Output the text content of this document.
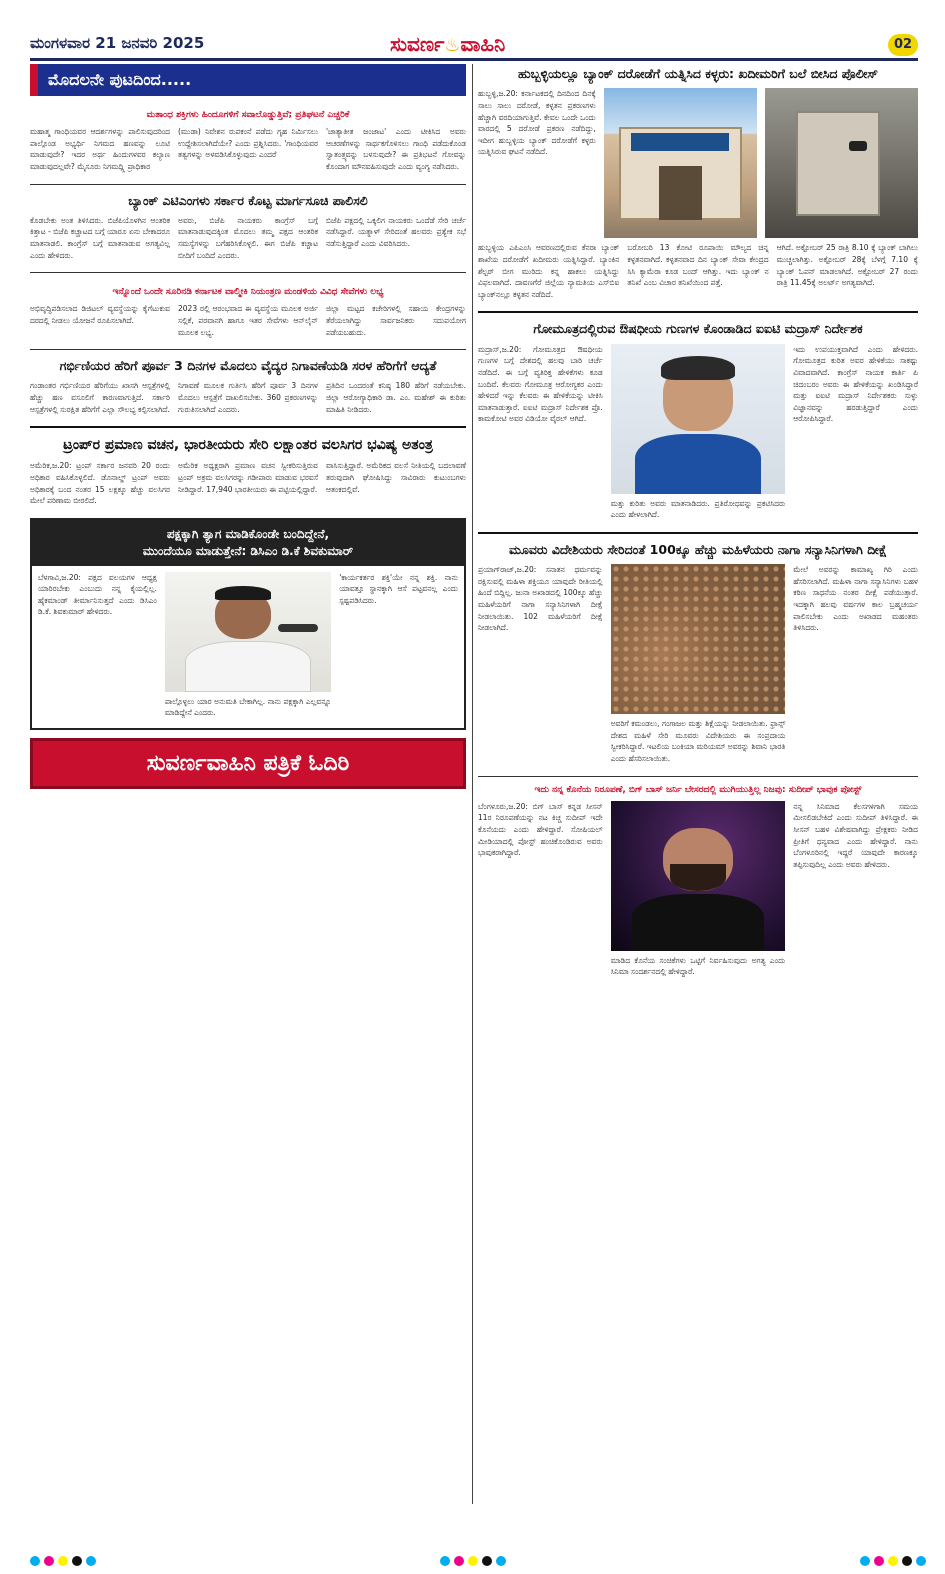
ಮಂಗಳವಾರ 21 ಜನವರಿ 2025	ಸುವರ್ಣ♨ವಾಹಿನಿ	02
ಮೊದಲನೇ ಪುಟದಿಂದ.....
ಮತಾಂಧ ಶಕ್ತಿಗಳು ಹಿಂದೂಗಳಿಗೆ ಸವಾಲೊಡ್ಡುತ್ತಿವೆ; ಪ್ರತಿಘಟನೆ ಎಚ್ಚರಿಕೆ

ಮಹಾತ್ಮ ಗಾಂಧಿಯವರ ಆದರ್ಶಗಳನ್ನು ಪಾಲಿಸುವುದರಿಂದ ಪಾಲ್ಗೊಂಡ ಅಭ್ಯರ್ಥಿ ನಿಗಮದ ಹಣವನ್ನು ಲೂಟಿ ಮಾಡುವುದೇ? ಇದರ ಅರ್ಥ ಹಿಂದುಗಳವರ ಕಲ್ಯಾಣ ಮಾಡುವುದಲ್ಲವೇ? ಮೈಸೂರು ನಿಗಮದ್ಲ್ಲಿ ಪ್ರಾಧಿಕಾರ

(ಮುಡಾ) ನಿವೇಶನ ರುಪಕಂನೆ ಪಡೆದು ಗೃಹ ನಿರ್ಮಿಸಲು ಉದ್ದೇಶಿಸಲಾಗಿದೆಯೇ? ಎಂದು ಪ್ರಶ್ನಿಸಿದರು. 'ಗಾಂಧಿಯವರ ತತ್ವಗಳನ್ನು ಅಳವಡಿಸಿಕೊಳ್ಳುವುದು ಎಂದರೆ

'ಜಾತ್ಯಾತೀತ ಜಂಜಾಟ' ಎಂದು ಟೀಕಿಸಿದ ಅವರು ಆಚರಣೆಗಳನ್ನು ಸಾರ್ಥಕಗೊಳಿಸಲು ಗಾಂಧಿ ಪಡೆದುಕೊಂಡ ಸ್ವಾತಂತ್ರ್ಯವನ್ನು ಬಳಸುವುದೇ? ಈ ಪ್ರತಿಭಟನೆ ಗೋವನ್ನು ಕೊಂದಾಗ ಮೌನವಹಿಸುವುದೇ ಎಂದು ವ್ಯಂಗ್ಯ ನಡೆಸಿದರು.

ಬ್ಯಾಂಕ್ ಎಟಿಎಂಗಳು ಸರ್ಕಾರ ಕೊಟ್ಟ ಮಾರ್ಗಸೂಚಿ ಪಾಲಿಸಲಿ

ಕೊಡಬೇಕು ಅಂತ ತಿಳಿಸಿದರು. ಬಿಜೆಪಿಯೊಳಗಿನ ಆಂತರಿಕ ಕಿತ್ತಾಟ - ಬಿಜೆಪಿ ಕಚ್ಚಾಟದ ಬಗ್ಗೆ ಯಾರೂ ಏನು ಬೇಕಾದರೂ ಮಾತನಾಡಲಿ. ಕಾಂಗ್ರೆಸ್ ಬಗ್ಗೆ ಮಾತನಾಡುವ ಅಗತ್ಯವಿಲ್ಲ ಎಂದು ಹೇಳಿದರು.

ಅವರು, ಬಿಜೆಪಿ ನಾಯಕರು ಕಾಂಗ್ರೆಸ್ ಬಗ್ಗೆ ಮಾತನಾಡುವುದಕ್ಕಿಂತ ಮೊದಲು ತಮ್ಮ ಪಕ್ಷದ ಆಂತರಿಕ ಸಮಸ್ಯೆಗಳನ್ನು ಬಗೆಹರಿಸಿಕೊಳ್ಳಲಿ. ಈಗ ಬಿಜೆಪಿ ಕಚ್ಚಾಟ ಬೀದಿಗೆ ಬಂದಿದೆ ಎಂದರು.

ಬಿಜೆಪಿ ಪಕ್ಷದಲ್ಲಿ ಒಕ್ಕಲಿಗ ನಾಯಕರು ಒಂದೆಡೆ ಸೇರಿ ಚರ್ಚೆ ನಡೆಸಿದ್ದಾರೆ. ಯತ್ನಾಳ್ ಸೇರಿದಂತೆ ಹಲವರು ಪ್ರತ್ಯೇಕ ಸಭೆ ನಡೆಸುತ್ತಿದ್ದಾರೆ ಎಂದು ವಿವರಿಸಿದರು.

ಇನ್ನೊಂದೆ ಒಂದೇ ಸೂರಿನಡಿ ಕರ್ನಾಟಕ ವಾಲ್ಮೀಕಿ ನಿಯಂತ್ರಣ ಮಂಡಳಿಯ ವಿವಿಧ ಸೇವೆಗಳು ಲಭ್ಯ

ಅಭಿವೃದ್ಧಿಪಡಿಸಲಾದ ಡಿಜಿಟಲ್ ವ್ಯವಸ್ಥೆಯನ್ನು ಕೈಗೆಟುಕುವ ದರದಲ್ಲಿ ನೀಡಲು ಯೋಜನೆ ರೂಪಿಸಲಾಗಿದೆ.

2023 ರಲ್ಲಿ ಆರಂಭವಾದ ಈ ವ್ಯವಸ್ಥೆಯ ಮೂಲಕ ಅರ್ಜಿ ಸಲ್ಲಿಕೆ, ಪರವಾನಗಿ ಹಾಗೂ ಇತರ ಸೇವೆಗಳು ಆನ್‌ಲೈನ್ ಮೂಲಕ ಲಭ್ಯ.

ಜಿಲ್ಲಾ ಮಟ್ಟದ ಕಚೇರಿಗಳಲ್ಲಿ ಸಹಾಯ ಕೇಂದ್ರಗಳನ್ನು ತೆರೆಯಲಾಗಿದ್ದು ಸಾರ್ವಜನಿಕರು ಸದುಪಯೋಗ ಪಡೆಯಬಹುದು.

ಗರ್ಭಿಣಿಯರ ಹೆರಿಗೆ ಪೂರ್ವ 3 ದಿನಗಳ ಮೊದಲು ವೈದ್ಯರ ನಿಗಾವಣೆಯಡಿ ಸರಳ ಹೆರಿಗೆಗೆ ಆದ್ಯತೆ

ಗಂಡಾಂತರ ಗರ್ಭಿಣಿಯರ ಹೆರಿಗೆಯು ಖಾಸಗಿ ಆಸ್ಪತ್ರೆಗಳಲ್ಲಿ ಹೆಚ್ಚು ಹಣ ವಸೂಲಿಗೆ ಕಾರಣವಾಗುತ್ತಿದೆ. ಸರ್ಕಾರಿ ಆಸ್ಪತ್ರೆಗಳಲ್ಲಿ ಸುರಕ್ಷಿತ ಹೆರಿಗೆಗೆ ಎಲ್ಲಾ ಸೌಲಭ್ಯ ಕಲ್ಪಿಸಲಾಗಿದೆ.

ನಿಗಾವಣೆ ಮೂಲಕ ಗುರ್ತಿಸಿ ಹೆರಿಗೆ ಪೂರ್ವ 3 ದಿನಗಳ ಮೊದಲು ಆಸ್ಪತ್ರೆಗೆ ದಾಖಲಿಸಬೇಕು. 360 ಪ್ರಕರಣಗಳನ್ನು ಗುರುತಿಸಲಾಗಿದೆ ಎಂದರು.

ಪ್ರತಿದಿನ ಒಂದರಂತೆ ಕನಿಷ್ಠ 180 ಹೆರಿಗೆ ನಡೆಯಬೇಕು. ಜಿಲ್ಲಾ ಆರೋಗ್ಯಾಧಿಕಾರಿ ಡಾ. ಎಂ. ಮಹೇಶ್ ಈ ಕುರಿತು ಮಾಹಿತಿ ನೀಡಿದರು.

ಟ್ರಂಪ್‌ರ ಪ್ರಮಾಣ ವಚನ, ಭಾರತೀಯರು ಸೇರಿ ಲಕ್ಷಾಂತರ ವಲಸಿಗರ ಭವಿಷ್ಯ ಅತಂತ್ರ

ಅಮೆರಿಕ,ಜ.20: ಟ್ರಂಪ್ ಸರ್ಕಾರ ಜನವರಿ 20 ರಂದು ಅಧಿಕಾರ ವಹಿಸಿಕೊಳ್ಳಲಿದೆ. ಡೊನಾಲ್ಡ್ ಟ್ರಂಪ್ ಅವರು ಅಧಿಕಾರಕ್ಕೆ ಬಂದ ನಂತರ 15 ಲಕ್ಷಕ್ಕೂ ಹೆಚ್ಚು ವಲಸಿಗರ ಮೇಲೆ ಪರಿಣಾಮ ಬೀರಲಿದೆ.

ಅಮೆರಿಕ ಅಧ್ಯಕ್ಷರಾಗಿ ಪ್ರಮಾಣ ವಚನ ಸ್ವೀಕರಿಸುತ್ತಿರುವ ಟ್ರಂಪ್ ಅಕ್ರಮ ವಲಸಿಗರನ್ನು ಗಡೀಪಾರು ಮಾಡುವ ಭರವಸೆ ನೀಡಿದ್ದಾರೆ. 17,940 ಭಾರತೀಯರು ಈ ಪಟ್ಟಿಯಲ್ಲಿದ್ದಾರೆ.

ವಾಸಿಸುತ್ತಿದ್ದಾರೆ. ಅಮೆರಿಕದ ವಲಸೆ ನೀತಿಯಲ್ಲಿ ಬದಲಾವಣೆ ತರುವುದಾಗಿ ಘೋಷಿಸಿದ್ದು ಸಾವಿರಾರು ಕುಟುಂಬಗಳು ಆತಂಕದಲ್ಲಿವೆ.

ಪಕ್ಷಕ್ಕಾಗಿ ತ್ಯಾಗ ಮಾಡಿಕೊಂಡೇ ಬಂದಿದ್ದೇನೆ,
ಮುಂದೆಯೂ ಮಾಡುತ್ತೇನೆ: ಡಿಸಿಎಂ ಡಿ.ಕೆ ಶಿವಕುಮಾರ್

ಬೆಳಗಾವಿ,ಜ.20: ಪಕ್ಷದ ವಲಯಗಳ ಆಧ್ಯಕ್ಷ ಯಾರಿರಬೇಕು ಎಂಬುದು ನನ್ನ ಕೈಯಲ್ಲಿಲ್ಲ. ಹೈಕಮಾಂಡ್ ತೀರ್ಮಾನಿಸುತ್ತದೆ ಎಂದು ಡಿಸಿಎಂ ಡಿ.ಕೆ. ಶಿವಕುಮಾರ್ ಹೇಳಿದರು.

ಪಾಲ್ಗೊಳ್ಳಲು ಯಾರ ಅನುಮತಿ ಬೇಕಾಗಿಲ್ಲ. ನಾನು ಪಕ್ಷಕ್ಕಾಗಿ ಎಲ್ಲವನ್ನೂ ಮಾಡಿದ್ದೇನೆ ಎಂದರು.

'ಕಾರ್ಯಕರ್ತರ ಶಕ್ತಿ'ಯೇ ನನ್ನ ಶಕ್ತಿ. ನಾನು ಯಾವತ್ತೂ ಸ್ಥಾನಕ್ಕಾಗಿ ಆಸೆ ಪಟ್ಟವನಲ್ಲ ಎಂದು ಸ್ಪಷ್ಟಪಡಿಸಿದರು.

ಸುವರ್ಣವಾಹಿನಿ ಪತ್ರಿಕೆ ಓದಿರಿ
ಹುಬ್ಬಳ್ಳಿಯಲ್ಲೂ ಬ್ಯಾಂಕ್ ದರೋಡೆಗೆ ಯತ್ನಿಸಿದ ಕಳ್ಳರು: ಖದೀಮರಿಗೆ ಬಲೆ ಬೀಸಿದ ಪೊಲೀಸ್

ಹುಬ್ಬಳ್ಳಿ,ಜ.20: ಕರ್ನಾಟಕದಲ್ಲಿ ದಿನದಿಂದ ದಿನಕ್ಕೆ ಸಾಲು ಸಾಲು ದರೋಡೆ, ಕಳ್ಳತನ ಪ್ರಕರಣಗಳು ಹೆಚ್ಚಾಗಿ ವರದಿಯಾಗುತ್ತಿವೆ. ಕೇವಲ ಒಂದೇ ಒಂದು ವಾರದಲ್ಲಿ 5 ದರೋಡೆ ಪ್ರಕರಣ ನಡೆದಿದ್ದು, ಇದೀಗ ಹುಬ್ಬಳ್ಳಿಯ ಬ್ಯಾಂಕ್ ದರೋಡೆಗೆ ಕಳ್ಳರು ಯತ್ನಿಸಿರುವ ಘಟನೆ ನಡೆದಿದೆ.

ಹುಬ್ಬಳ್ಳಿಯ ಎಪಿಎಂಸಿ ಆವರಣದಲ್ಲಿರುವ ಕೆನರಾ ಬ್ಯಾಂಕ್ ಶಾಖೆಯ ದರೋಡೆಗೆ ಖದೀಮರು ಯತ್ನಿಸಿದ್ದಾರೆ. ಬ್ಯಾಂಕಿನ ಶೆಲ್ಟರ್ ಬೀಗ ಮುರಿದು ಕನ್ನ ಹಾಕಲು ಯತ್ನಿಸಿದ್ದು ವಿಫಲವಾಗಿದೆ. ದಾವಣಗೆರೆ ಜಿಲ್ಲೆಯ ನ್ಯಾಮತಿಯ ಎಸ್‌ಬಿಐ ಬ್ಯಾಂಕ್‌ನಲ್ಲೂ ಕಳ್ಳತನ ನಡೆದಿದೆ.

ಬರೋಬರಿ 13 ಕೋಟಿ ರೂಪಾಯಿ ಮೌಲ್ಯದ ಚಿನ್ನ ಕಳ್ಳತನವಾಗಿದೆ. ಕಳ್ಳತನವಾದ ದಿನ ಬ್ಯಾಂಕ್ ಸೇವಾ ಕೇಂದ್ರದ ಸಿಸಿ ಕ್ಯಾಮೆರಾ ಕೂಡ ಬಂದ್ ಆಗಿತ್ತು. ಇದು ಬ್ಯಾಂಕ್ ನ ತನಿಖೆ ಎಂಬ ವಿಚಾರ ತನಿಖೆಯಿಂದ ಪತ್ತೆ.

ಆಗಿದೆ. ಅಕ್ಟೋಬರ್ 25 ರಾತ್ರಿ 8.10 ಕ್ಕೆ ಬ್ಯಾಂಕ್ ಬಾಗಿಲು ಮುಚ್ಚಲಾಗಿತ್ತು. ಅಕ್ಟೋಬರ್ 28ಕ್ಕೆ ಬೆಳಗ್ಗೆ 7.10 ಕ್ಕೆ ಬ್ಯಾಂಕ್ ಓಪನ್ ಮಾಡಲಾಗಿದೆ. ಅಕ್ಟೋಬರ್ 27 ರಂದು ರಾತ್ರಿ 11.45ಕ್ಕೆ ಅಲರ್ಟ್ ಅಗತ್ಯವಾಗಿದೆ.

ಗೋಮೂತ್ರದಲ್ಲಿರುವ ಔಷಧೀಯ ಗುಣಗಳ ಕೊಂಡಾಡಿದ ಐಐಟಿ ಮದ್ರಾಸ್ ನಿರ್ದೇಶಕ

ಮದ್ರಾಸ್,ಜ.20: ಗೋಮೂತ್ರದ ಔಷಧೀಯ ಗುಣಗಳ ಬಗ್ಗೆ ದೇಶದಲ್ಲಿ ಹಲವು ಬಾರಿ ಚರ್ಚೆ ನಡೆದಿದೆ. ಈ ಬಗ್ಗೆ ವ್ಯತಿರಿಕ್ತ ಹೇಳಿಕೆಗಳು ಕೂಡ ಬಂದಿವೆ. ಕೆಲವರು ಗೋಮೂತ್ರ ಆರೋಗ್ಯಕರ ಎಂದು ಹೇಳಿದರೆ ಇನ್ನು ಕೆಲವರು ಈ ಹೇಳಿಕೆಯನ್ನು ಟೀಕಿಸಿ ಮಾತನಾಡುತ್ತಾರೆ. ಐಐಟಿ ಮದ್ರಾಸ್ ನಿರ್ದೇಶಕ ಪ್ರೊ. ಕಾಮಕೋಟಿ ಅವರ ವಿಡಿಯೋ ವೈರಲ್ ಆಗಿದೆ.

ಮತ್ತು ಕುರಿತು ಅವರು ಮಾತನಾಡಿದರು. ಪ್ರತಿರೋಧವನ್ನು ಪ್ರಕಟಿಸಿದರು ಎಂದು ಹೇಳಲಾಗಿದೆ.

ಇದು ಉಪಯುಕ್ತವಾಗಿದೆ ಎಂದು ಹೇಳಿದರು. ಗೋಮೂತ್ರದ ಕುರಿತ ಅವರ ಹೇಳಿಕೆಯು ಸಾಕಷ್ಟು ವಿವಾದವಾಗಿದೆ. ಕಾಂಗ್ರೆಸ್ ನಾಯಕ ಕಾರ್ತಿ ಪಿ ಚಿದಂಬರಂ ಅವರು ಈ ಹೇಳಿಕೆಯನ್ನು ಖಂಡಿಸಿದ್ದಾರೆ ಮತ್ತು ಐಐಟಿ ಮದ್ರಾಸ್ ನಿರ್ದೇಶಕರು ಸುಳ್ಳು ವಿಜ್ಞಾನವನ್ನು ಹರಡುತ್ತಿದ್ದಾರೆ ಎಂದು ಆರೋಪಿಸಿದ್ದಾರೆ.

ಮೂವರು ವಿದೇಶಿಯರು ಸೇರಿದಂತೆ 100ಕ್ಕೂ ಹೆಚ್ಚು ಮಹಿಳೆಯರು ನಾಗಾ ಸನ್ಯಾಸಿನಿಗಳಾಗಿ ದೀಕ್ಷೆ

ಪ್ರಯಾಗ್‌ರಾಜ್,ಜ.20: ಸನಾತನ ಧರ್ಮವನ್ನು ರಕ್ಷಿಸುವಲ್ಲಿ ಮಹಿಳಾ ಶಕ್ತಿಯೂ ಯಾವುದೇ ರೀತಿಯಲ್ಲಿ ಹಿಂದೆ ಬಿದ್ದಿಲ್ಲ. ಜುನಾ ಅಖಾಡದಲ್ಲಿ 100ಕ್ಕೂ ಹೆಚ್ಚು ಮಹಿಳೆಯರಿಗೆ ನಾಗಾ ಸನ್ಯಾಸಿನಿಗಳಾಗಿ ದೀಕ್ಷೆ ನೀಡಲಾಯಿತು. 102 ಮಹಿಳೆಯರಿಗೆ ದೀಕ್ಷೆ ನೀಡಲಾಗಿದೆ.

ಅವರಿಗೆ ಕಮಂಡಲು, ಗಂಗಾಜಲ ಮತ್ತು ಶಿಕ್ಷೆಯನ್ನು ನೀಡಲಾಯಿತು. ಫ್ರಾನ್ಸ್ ದೇಶದ ಮಹಿಳೆ ಸೇರಿ ಮೂವರು ವಿದೇಶಿಯರು ಈ ಸಂಪ್ರದಾಯ ಸ್ವೀಕರಿಸಿದ್ದಾರೆ. ಇಟಲಿಯ ಬಂಕಿಯಾ ಮರಿಯಮ್ ಅವರನ್ನು ಶಿವಾನಿ ಭಾರತಿ ಎಂದು ಹೆಸರಿಸಲಾಯಿತು.

ಮೇಲೆ ಅವರನ್ನು ಕಾಮಾಖ್ಯ ಗಿರಿ ಎಂದು ಹೆಸರಿಸಲಾಗಿದೆ. ಮಹಿಳಾ ನಾಗಾ ಸನ್ಯಾಸಿನಿಗಳು ಬಹಳ ಕಠಿಣ ಸಾಧನೆಯ ನಂತರ ದೀಕ್ಷೆ ಪಡೆಯುತ್ತಾರೆ. ಇದಕ್ಕಾಗಿ ಹಲವು ವರ್ಷಗಳ ಕಾಲ ಬ್ರಹ್ಮಚರ್ಯ ಪಾಲಿಸಬೇಕು ಎಂದು ಅಖಾಡದ ಮಹಂತರು ತಿಳಿಸಿದರು.

ಇದು ನನ್ನ ಕೊನೆಯ ನಿರೂಪಣೆ, ಬಿಗ್ ಬಾಸ್ ಜರ್ನಿ ಬೇಸರದಲ್ಲಿ ಮುಗಿಯುತ್ತಿಲ್ಲ ನಿಜವು: ಸುದೀಪ್ ಭಾವುಕ ಪೋಸ್ಟ್

ಬೆಂಗಳೂರು,ಜ.20: ಬಿಗ್ ಬಾಸ್ ಕನ್ನಡ ಸೀಸನ್ 11ರ ನಿರೂಪಣೆಯನ್ನು ನಟ ಕಿಚ್ಚ ಸುದೀಪ್ ಇದೇ ಕೊನೆಯದು ಎಂದು ಹೇಳಿದ್ದಾರೆ. ಸೋಷಿಯಲ್ ಮೀಡಿಯಾದಲ್ಲಿ ಪೋಸ್ಟ್ ಹಂಚಿಕೊಂಡಿರುವ ಅವರು ಭಾವುಕರಾಗಿದ್ದಾರೆ.

ಮಾಡಿದ ಕೊನೆಯ ಸಂಚಿಕೆಗಳು ಒಟ್ಟಿಗೆ ನಿರ್ವಹಿಸುವುದು ಅಗತ್ಯ ಎಂದು ಸಿನಿಮಾ ಸಂದರ್ಶನದಲ್ಲಿ ಹೇಳಿದ್ದಾರೆ.

ನನ್ನ ಸಿನಿಮಾದ ಕೆಲಸಗಳಿಗಾಗಿ ಸಮಯ ಮೀಸಲಿಡಬೇಕಿದೆ ಎಂದು ಸುದೀಪ್ ತಿಳಿಸಿದ್ದಾರೆ. ಈ ಸೀಸನ್ ಬಹಳ ವಿಶೇಷವಾಗಿದ್ದು ಪ್ರೇಕ್ಷಕರು ನೀಡಿದ ಪ್ರೀತಿಗೆ ಧನ್ಯವಾದ ಎಂದು ಹೇಳಿದ್ದಾರೆ. ನಾನು ಬೆಂಗಳೂರಿನಲ್ಲಿ ಇದ್ದರೆ ಯಾವುದೇ ಕಾರಣಕ್ಕೂ ತಪ್ಪಿಸುವುದಿಲ್ಲ ಎಂದು ಅವರು ಹೇಳಿದರು.
